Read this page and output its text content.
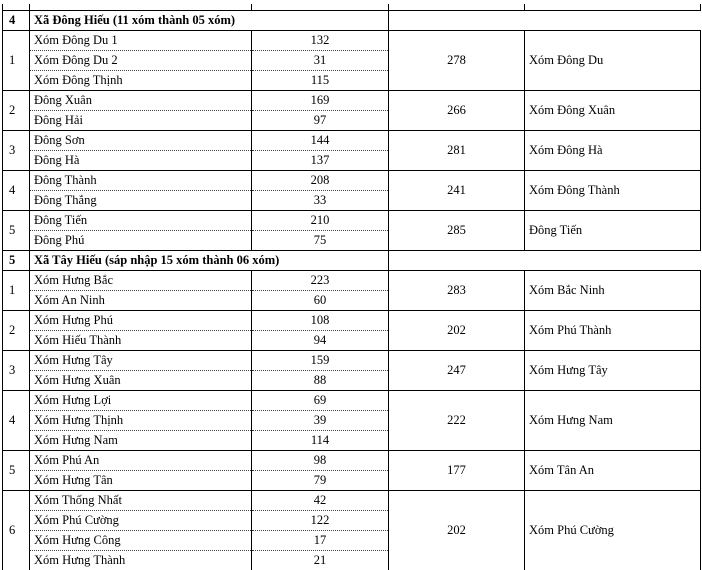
4	Xã Đông Hiếu (11 xóm thành 05 xóm)			
1	Xóm Đông Du 1	132	278	Xóm Đông Du
	Xóm Đông Du 2	31		
	Xóm Đông Thịnh	115		
2	Đông Xuân	169	266	Xóm Đông Xuân
	Đông Hải	97		
3	Đông Sơn	144	281	Xóm Đông Hà
	Đông Hà	137		
4	Đông Thành	208	241	Xóm Đông Thành
	Đông Thắng	33		
5	Đông Tiến	210	285	Đông Tiến
	Đông Phú	75		
5	Xã Tây Hiếu (sáp nhập 15 xóm thành 06 xóm)			
1	Xóm Hưng Bắc	223	283	Xóm Bắc Ninh
	Xóm An Ninh	60		
2	Xóm Hưng Phú	108	202	Xóm Phú Thành
	Xóm Hiếu Thành	94		
3	Xóm Hưng Tây	159	247	Xóm Hưng Tây
	Xóm Hưng Xuân	88		
4	Xóm Hưng Lợi	69	222	Xóm Hưng Nam
	Xóm Hưng Thịnh	39		
	Xóm Hưng Nam	114		
5	Xóm Phú An	98	177	Xóm Tân An
	Xóm Hưng Tân	79		
6	Xóm Thống Nhất	42	202	Xóm Phú Cường
	Xóm Phú Cường	122		
	Xóm Hưng Công	17		
	Xóm Hưng Thành	21		
